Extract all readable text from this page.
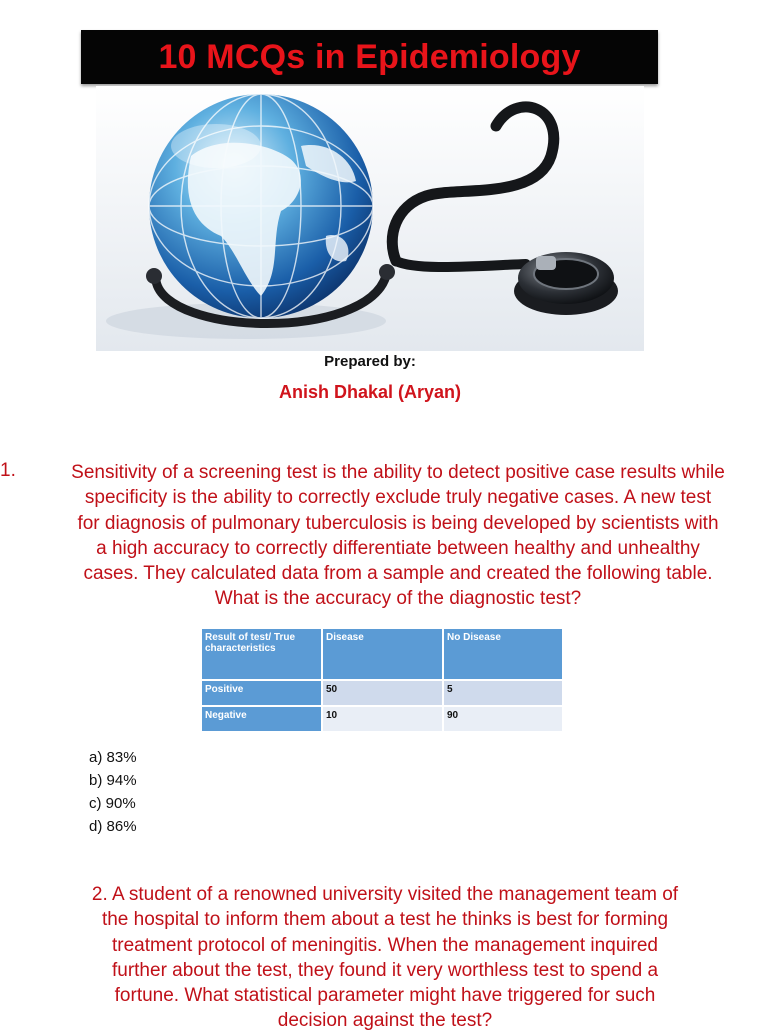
10 MCQs in Epidemiology
Prepared by:
Anish Dhakal (Aryan)
1.	Sensitivity of a screening test is the ability to detect positive case results while
specificity is the ability to correctly exclude truly negative cases. A new test
for diagnosis of pulmonary tuberculosis is being developed by scientists with
a high accuracy to correctly differentiate between healthy and unhealthy
cases. They calculated data from a sample and created the following table.
What is the accuracy of the diagnostic test?
Result of test/ True characteristics	Disease	No Disease
Positive	50	5
Negative	10	90
a) 83%
b) 94%
c) 90%
d) 86%
2. A student of a renowned university visited the management team of
the hospital to inform them about a test he thinks is best for forming
treatment protocol of meningitis. When the management inquired
further about the test, they found it very worthless test to spend a
fortune. What statistical parameter might have triggered for such
decision against the test?
